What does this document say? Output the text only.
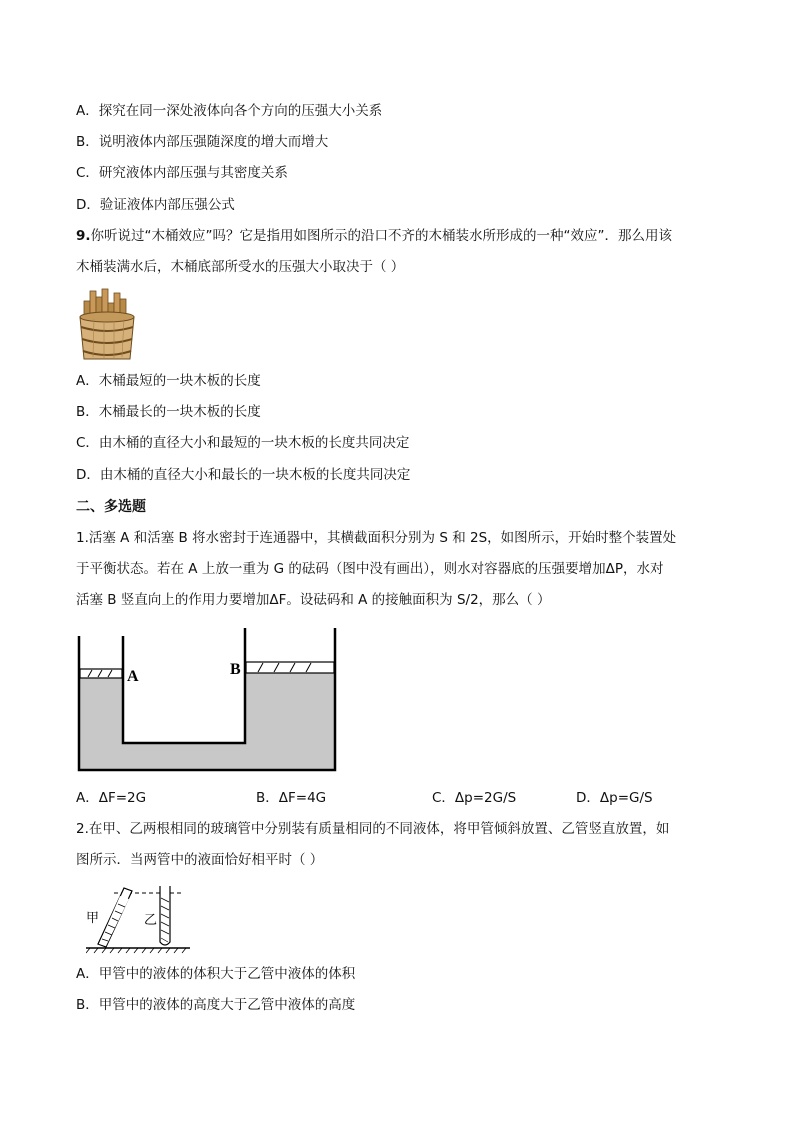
A．探究在同一深处液体向各个方向的压强大小关系
B．说明液体内部压强随深度的增大而增大
C．研究液体内部压强与其密度关系
D．验证液体内部压强公式
9.你听说过“木桶效应”吗？它是指用如图所示的沿口不齐的木桶装水所形成的一种“效应”．那么用该
木桶装满水后，木桶底部所受水的压强大小取决于（ ）
A．木桶最短的一块木板的长度
B．木桶最长的一块木板的长度
C．由木桶的直径大小和最短的一块木板的长度共同决定
D．由木桶的直径大小和最长的一块木板的长度共同决定
二、多选题
1.活塞 A 和活塞 B 将水密封于连通器中，其横截面积分别为 S 和 2S，如图所示，开始时整个装置处
于平衡状态。若在 A 上放一重为 G 的砝码（图中没有画出），则水对容器底的压强要增加ΔP，水对
活塞 B 竖直向上的作用力要增加ΔF。设砝码和 A 的接触面积为 S/2，那么（ ）
A	B
A．ΔF=2G	B．ΔF=4G	C．Δp=2G/S	D．Δp=G/S
2.在甲、乙两根相同的玻璃管中分别装有质量相同的不同液体，将甲管倾斜放置、乙管竖直放置，如
图所示．当两管中的液面恰好相平时（ ）
甲	乙
A．甲管中的液体的体积大于乙管中液体的体积
B．甲管中的液体的高度大于乙管中液体的高度
